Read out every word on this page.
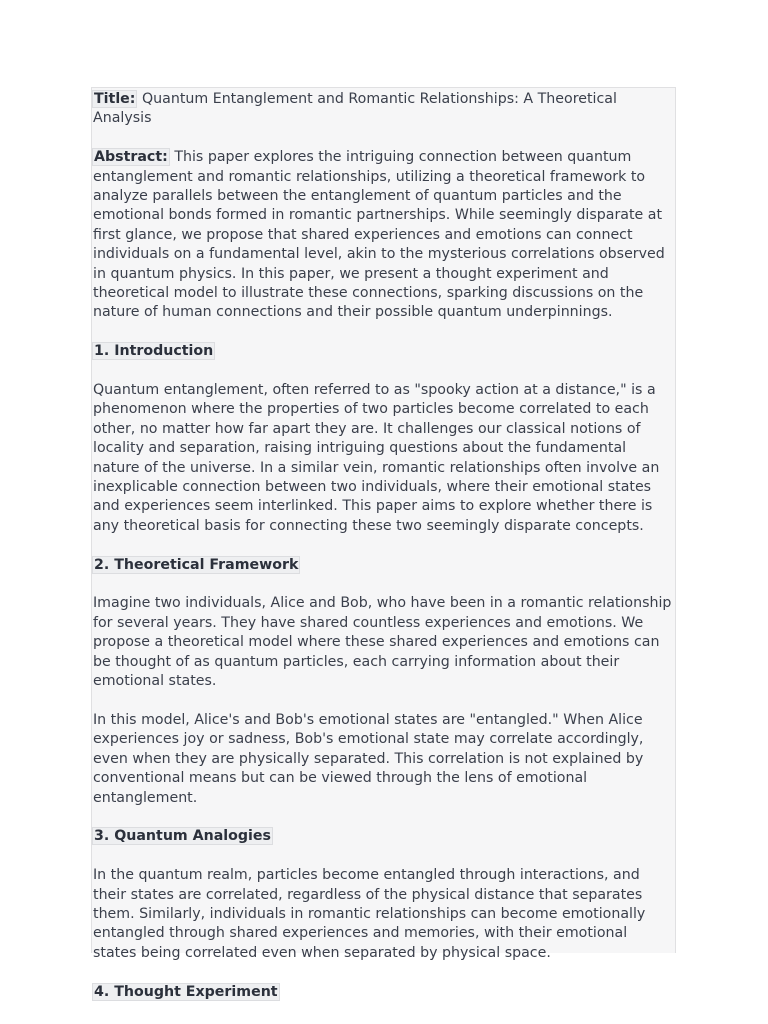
Title: Quantum Entanglement and Romantic Relationships: A Theoretical Analysis

Abstract: This paper explores the intriguing connection between quantum entanglement and romantic relationships, utilizing a theoretical framework to analyze parallels between the entanglement of quantum particles and the emotional bonds formed in romantic partnerships. While seemingly disparate at first glance, we propose that shared experiences and emotions can connect individuals on a fundamental level, akin to the mysterious correlations observed in quantum physics. In this paper, we present a thought experiment and theoretical model to illustrate these connections, sparking discussions on the nature of human connections and their possible quantum underpinnings.

1. Introduction

Quantum entanglement, often referred to as "spooky action at a distance," is a phenomenon where the properties of two particles become correlated to each other, no matter how far apart they are. It challenges our classical notions of locality and separation, raising intriguing questions about the fundamental nature of the universe. In a similar vein, romantic relationships often involve an inexplicable connection between two individuals, where their emotional states and experiences seem interlinked. This paper aims to explore whether there is any theoretical basis for connecting these two seemingly disparate concepts.

2. Theoretical Framework

Imagine two individuals, Alice and Bob, who have been in a romantic relationship for several years. They have shared countless experiences and emotions. We propose a theoretical model where these shared experiences and emotions can be thought of as quantum particles, each carrying information about their emotional states.

In this model, Alice's and Bob's emotional states are "entangled." When Alice experiences joy or sadness, Bob's emotional state may correlate accordingly, even when they are physically separated. This correlation is not explained by conventional means but can be viewed through the lens of emotional entanglement.

3. Quantum Analogies

In the quantum realm, particles become entangled through interactions, and their states are correlated, regardless of the physical distance that separates them. Similarly, individuals in romantic relationships can become emotionally entangled through shared experiences and memories, with their emotional states being correlated even when separated by physical space.

4. Thought Experiment
